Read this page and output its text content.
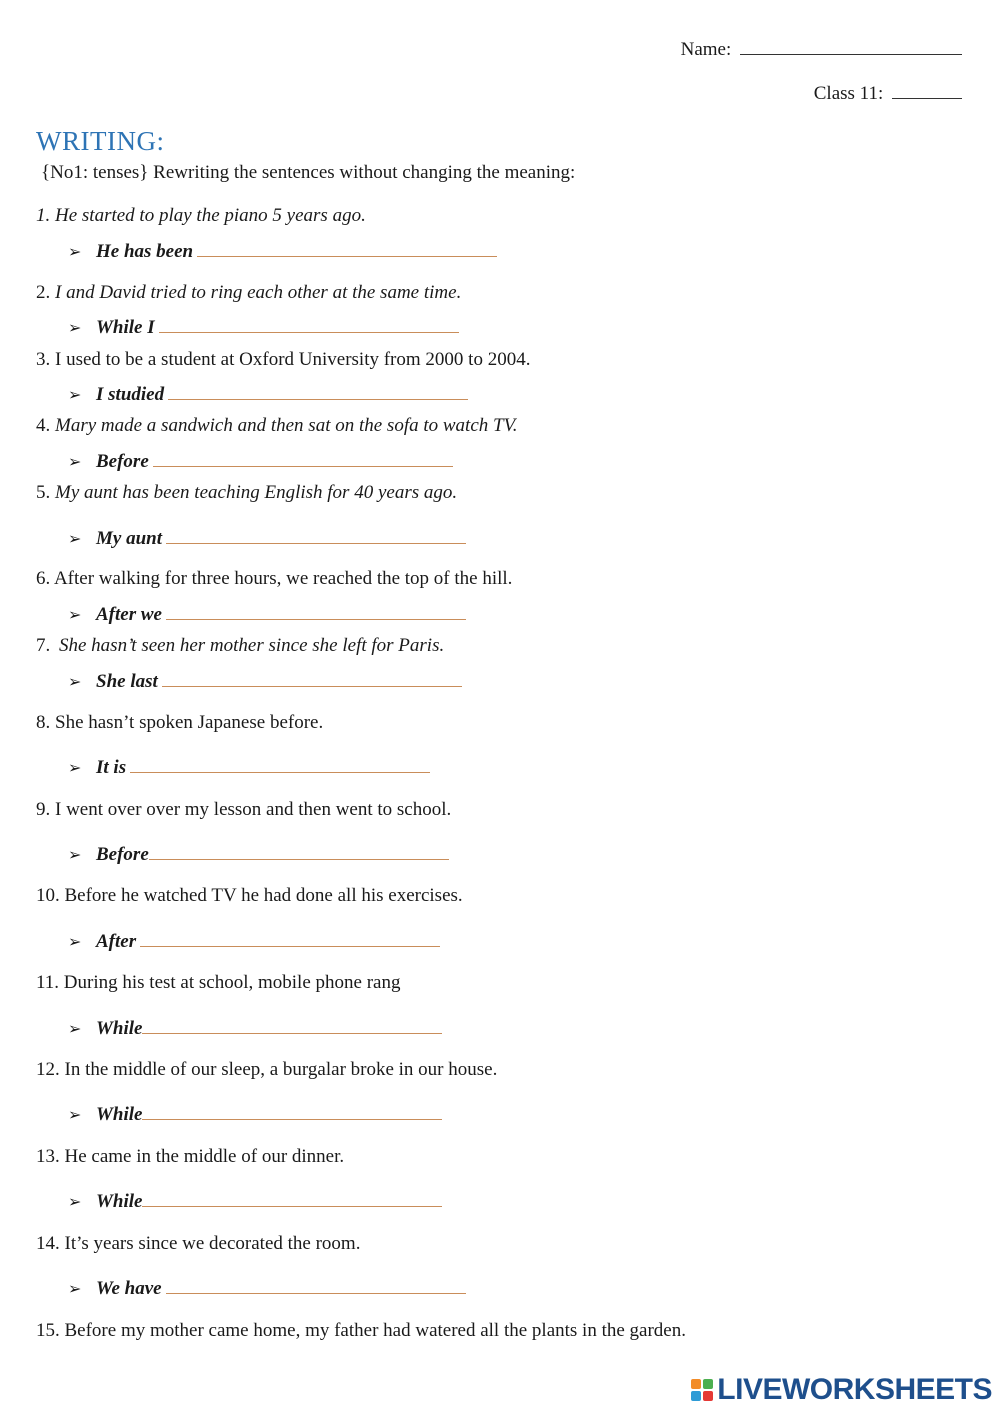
Name:
Class 11:
WRITING:
{No1: tenses} Rewriting the sentences without changing the meaning:
1. He started to play the piano 5 years ago.
➢ He has been
2. I and David tried to ring each other at the same time.
➢ While I
3. I used to be a student at Oxford University from 2000 to 2004.
➢ I studied
4. Mary made a sandwich and then sat on the sofa to watch TV.
➢ Before
5. My aunt has been teaching English for 40 years ago.
➢ My aunt
6. After walking for three hours, we reached the top of the hill.
➢ After we
7. She hasn’t seen her mother since she left for Paris.
➢ She last
8. She hasn’t spoken Japanese before.
➢ It is
9. I went over over my lesson and then went to school.
➢ Before
10. Before he watched TV he had done all his exercises.
➢ After
11. During his test at school, mobile phone rang
➢ While
12. In the middle of our sleep, a burgalar broke in our house.
➢ While
13. He came in the middle of our dinner.
➢ While
14. It’s years since we decorated the room.
➢ We have
15. Before my mother came home, my father had watered all the plants in the garden.
LIVEWORKSHEETS
